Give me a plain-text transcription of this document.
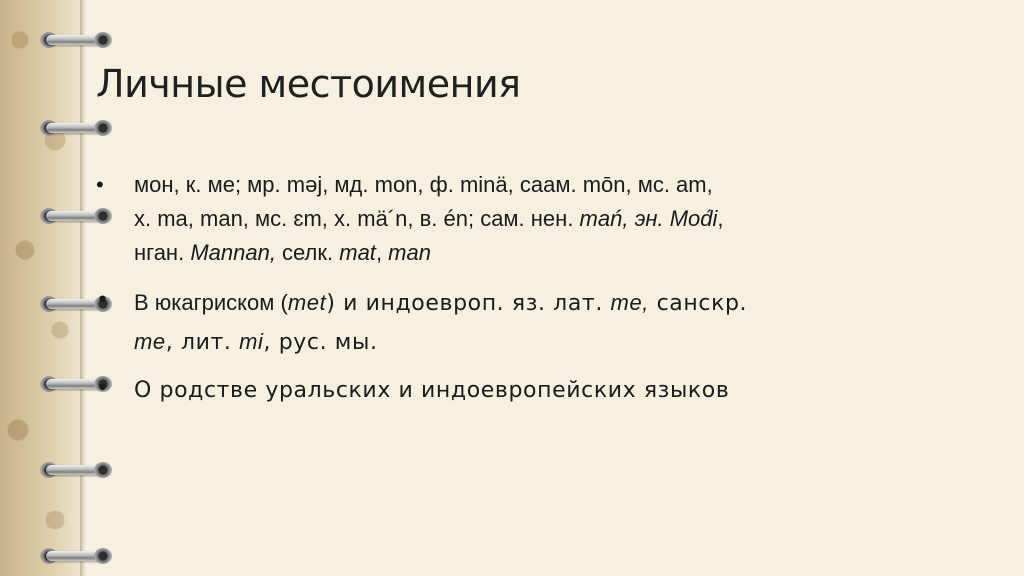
Личные местоимения
• мон, к. ме; мр. məj, мд. mon, ф. minä, саам. mōn, мс. am,
х. ma, man, мс. ɛm, х. mä´n, в. én; сам. нен. mań, эн. Mod́i,
нган. Mannan, селк. mat, man
• В юкагриском (met) и индоевроп. яз. лат. me, санскр.
me, лит. mi, рус. мы.
• О родстве уральских и индоевропейских языков
